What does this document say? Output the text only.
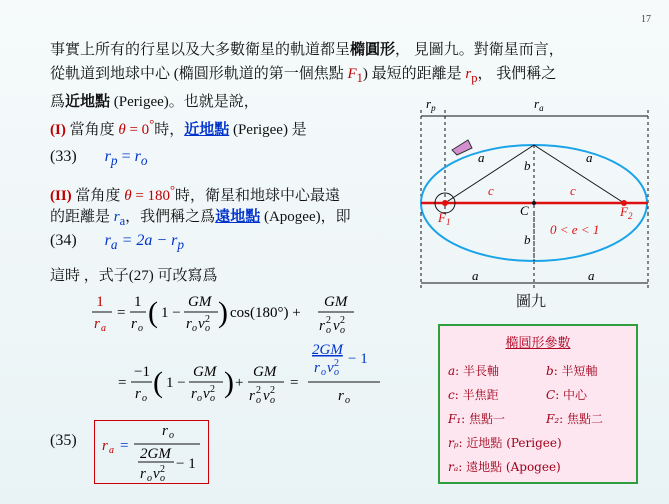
17
事實上所有的行星以及大多數衛星的軌道都呈橢圓形， 見圖九。對衛星而言，
從軌道到地球中心 (橢圓形軌道的第一個焦點 $F_1$) 最短的距離是 $r_p$， 我們稱之
爲近地點 (Perigee)。也就是說，
(I) 當角度 θ = 0°時，近地點 (Perigee) 是
(33) $r_p = r_o$
(II) 當角度 θ = 180°時，衛星和地球中心最遠
的距離是 $r_a$，我們稱之爲遠地點 (Apogee)，即
(34) $r_a = 2a - r_p$
這時 ，式子(27) 可改寫爲
1
r a
=
1
r o ( 1 −
GM
r o v o
2 ) cos(180°) +
GM
r o
2 v o
2
=
−1
r o ( 1 −
GM
r o v o
2 ) +
GM
r o
2 v o
2 =
2GM
r o v o
2 − 1
r o
(35) r a =
r o
2GM
r o v o
2 − 1
$r_p$	$r_a$
a	a
a	a
b
b
c	c
C
$F_1$
$F_2$
0 < e < 1
圖九
橢圓形參數
a: 半長軸	b: 半短軸
c: 半焦距	C: 中心
F₁: 焦點一	F₂: 焦點二
rₚ: 近地點 (Perigee)
rₐ: 遠地點 (Apogee)
